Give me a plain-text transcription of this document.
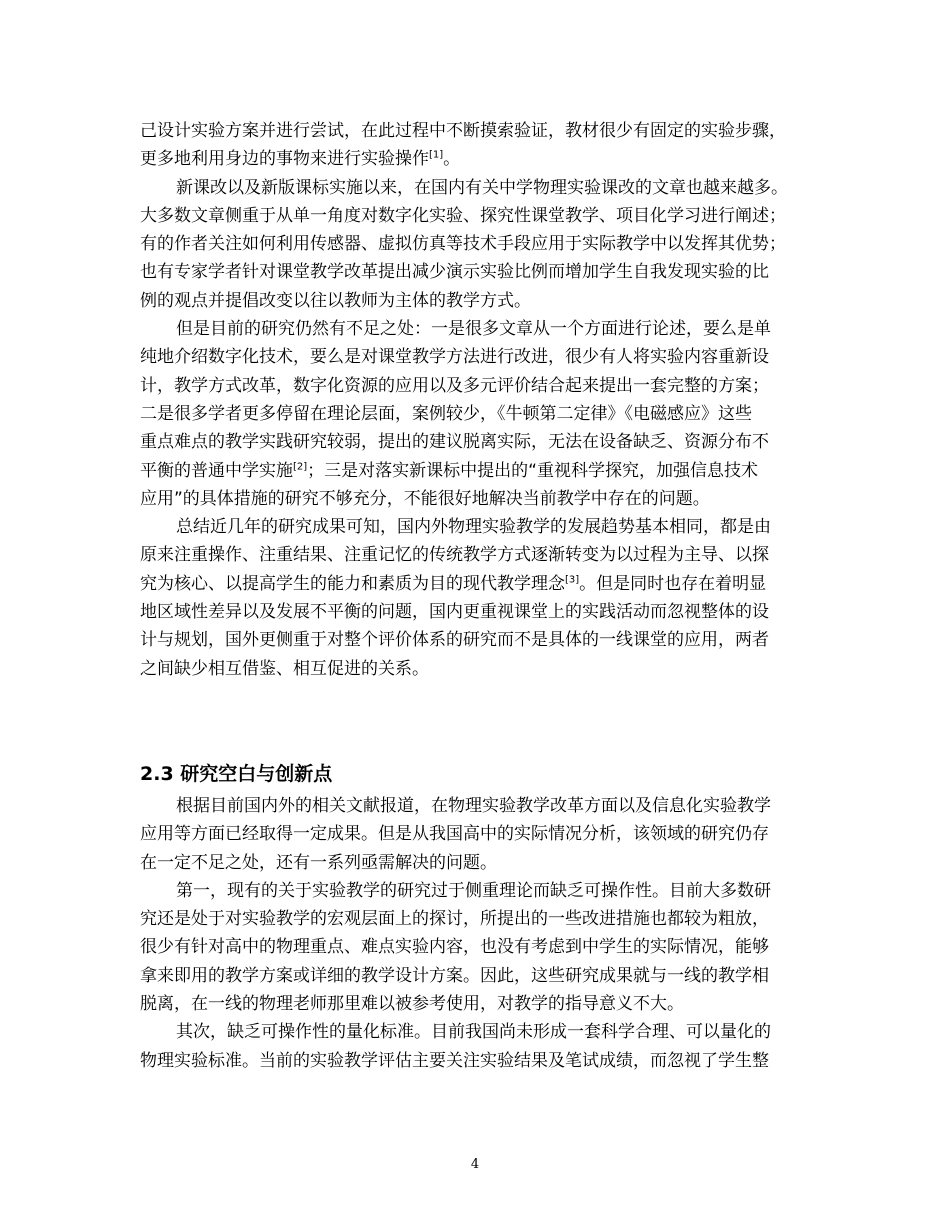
己设计实验方案并进行尝试，在此过程中不断摸索验证，教材很少有固定的实验步骤，
更多地利用身边的事物来进行实验操作[1]。
新课改以及新版课标实施以来，在国内有关中学物理实验课改的文章也越来越多。
大多数文章侧重于从单一角度对数字化实验、探究性课堂教学、项目化学习进行阐述；
有的作者关注如何利用传感器、虚拟仿真等技术手段应用于实际教学中以发挥其优势；
也有专家学者针对课堂教学改革提出减少演示实验比例而增加学生自我发现实验的比
例的观点并提倡改变以往以教师为主体的教学方式。
但是目前的研究仍然有不足之处：一是很多文章从一个方面进行论述，要么是单
纯地介绍数字化技术，要么是对课堂教学方法进行改进，很少有人将实验内容重新设
计，教学方式改革，数字化资源的应用以及多元评价结合起来提出一套完整的方案；
二是很多学者更多停留在理论层面，案例较少，《牛顿第二定律》《电磁感应》这些
重点难点的教学实践研究较弱，提出的建议脱离实际，无法在设备缺乏、资源分布不
平衡的普通中学实施[2]；三是对落实新课标中提出的“重视科学探究，加强信息技术
应用”的具体措施的研究不够充分，不能很好地解决当前教学中存在的问题。
总结近几年的研究成果可知，国内外物理实验教学的发展趋势基本相同，都是由
原来注重操作、注重结果、注重记忆的传统教学方式逐渐转变为以过程为主导、以探
究为核心、以提高学生的能力和素质为目的现代教学理念[3]。但是同时也存在着明显
地区域性差异以及发展不平衡的问题，国内更重视课堂上的实践活动而忽视整体的设
计与规划，国外更侧重于对整个评价体系的研究而不是具体的一线课堂的应用，两者
之间缺少相互借鉴、相互促进的关系。
2.3 研究空白与创新点
根据目前国内外的相关文献报道，在物理实验教学改革方面以及信息化实验教学
应用等方面已经取得一定成果。但是从我国高中的实际情况分析，该领域的研究仍存
在一定不足之处，还有一系列亟需解决的问题。
第一，现有的关于实验教学的研究过于侧重理论而缺乏可操作性。目前大多数研
究还是处于对实验教学的宏观层面上的探讨，所提出的一些改进措施也都较为粗放，
很少有针对高中的物理重点、难点实验内容，也没有考虑到中学生的实际情况，能够
拿来即用的教学方案或详细的教学设计方案。因此，这些研究成果就与一线的教学相
脱离，在一线的物理老师那里难以被参考使用，对教学的指导意义不大。
其次，缺乏可操作性的量化标准。目前我国尚未形成一套科学合理、可以量化的
物理实验标准。当前的实验教学评估主要关注实验结果及笔试成绩，而忽视了学生整

4
